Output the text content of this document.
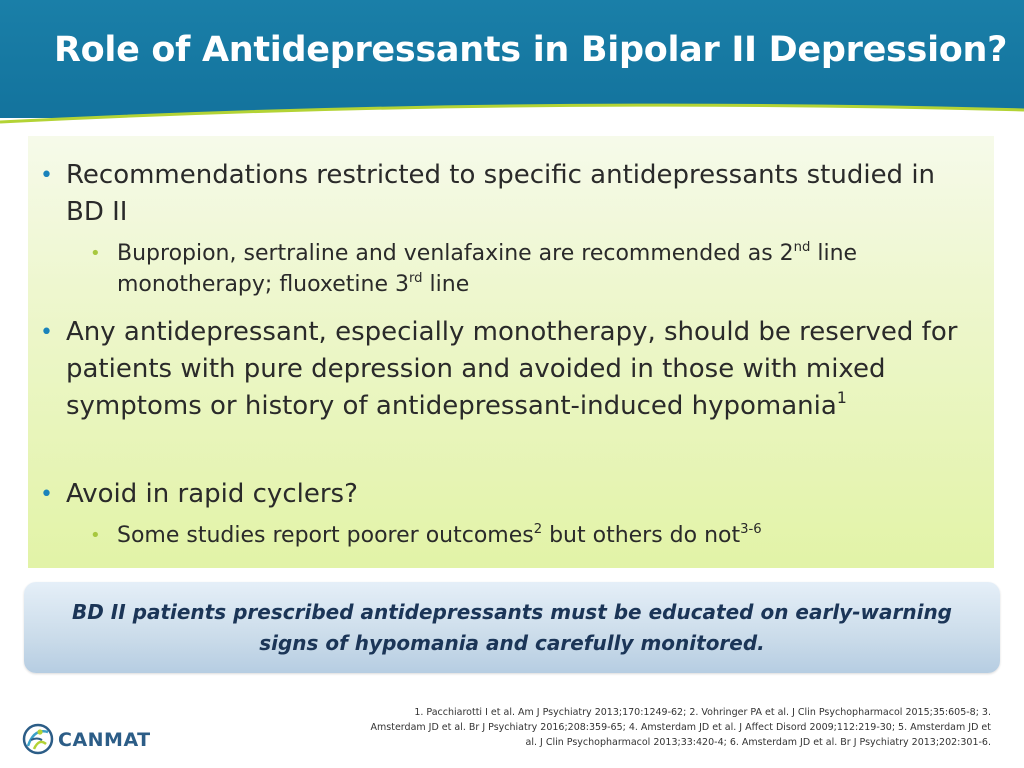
Role of Antidepressants in Bipolar II Depression?
• Recommendations restricted to specific antidepressants studied in BD II
• Bupropion, sertraline and venlafaxine are recommended as 2nd line monotherapy; fluoxetine 3rd line
• Any antidepressant, especially monotherapy, should be reserved for patients with pure depression and avoided in those with mixed symptoms or history of antidepressant-induced hypomania$^1$
• Avoid in rapid cyclers?
• Some studies report poorer outcomes$^2$ but others do not$^{3-6}$
BD II patients prescribed antidepressants must be educated on early-warning signs of hypomania and carefully monitored.
1. Pacchiarotti I et al. Am J Psychiatry 2013;170:1249-62; 2. Vohringer PA et al. J Clin Psychopharmacol 2015;35:605-8; 3.
Amsterdam JD et al. Br J Psychiatry 2016;208:359-65; 4. Amsterdam JD et al. J Affect Disord 2009;112:219-30; 5. Amsterdam JD et
al. J Clin Psychopharmacol 2013;33:420-4; 6. Amsterdam JD et al. Br J Psychiatry 2013;202:301-6.
CANMAT
